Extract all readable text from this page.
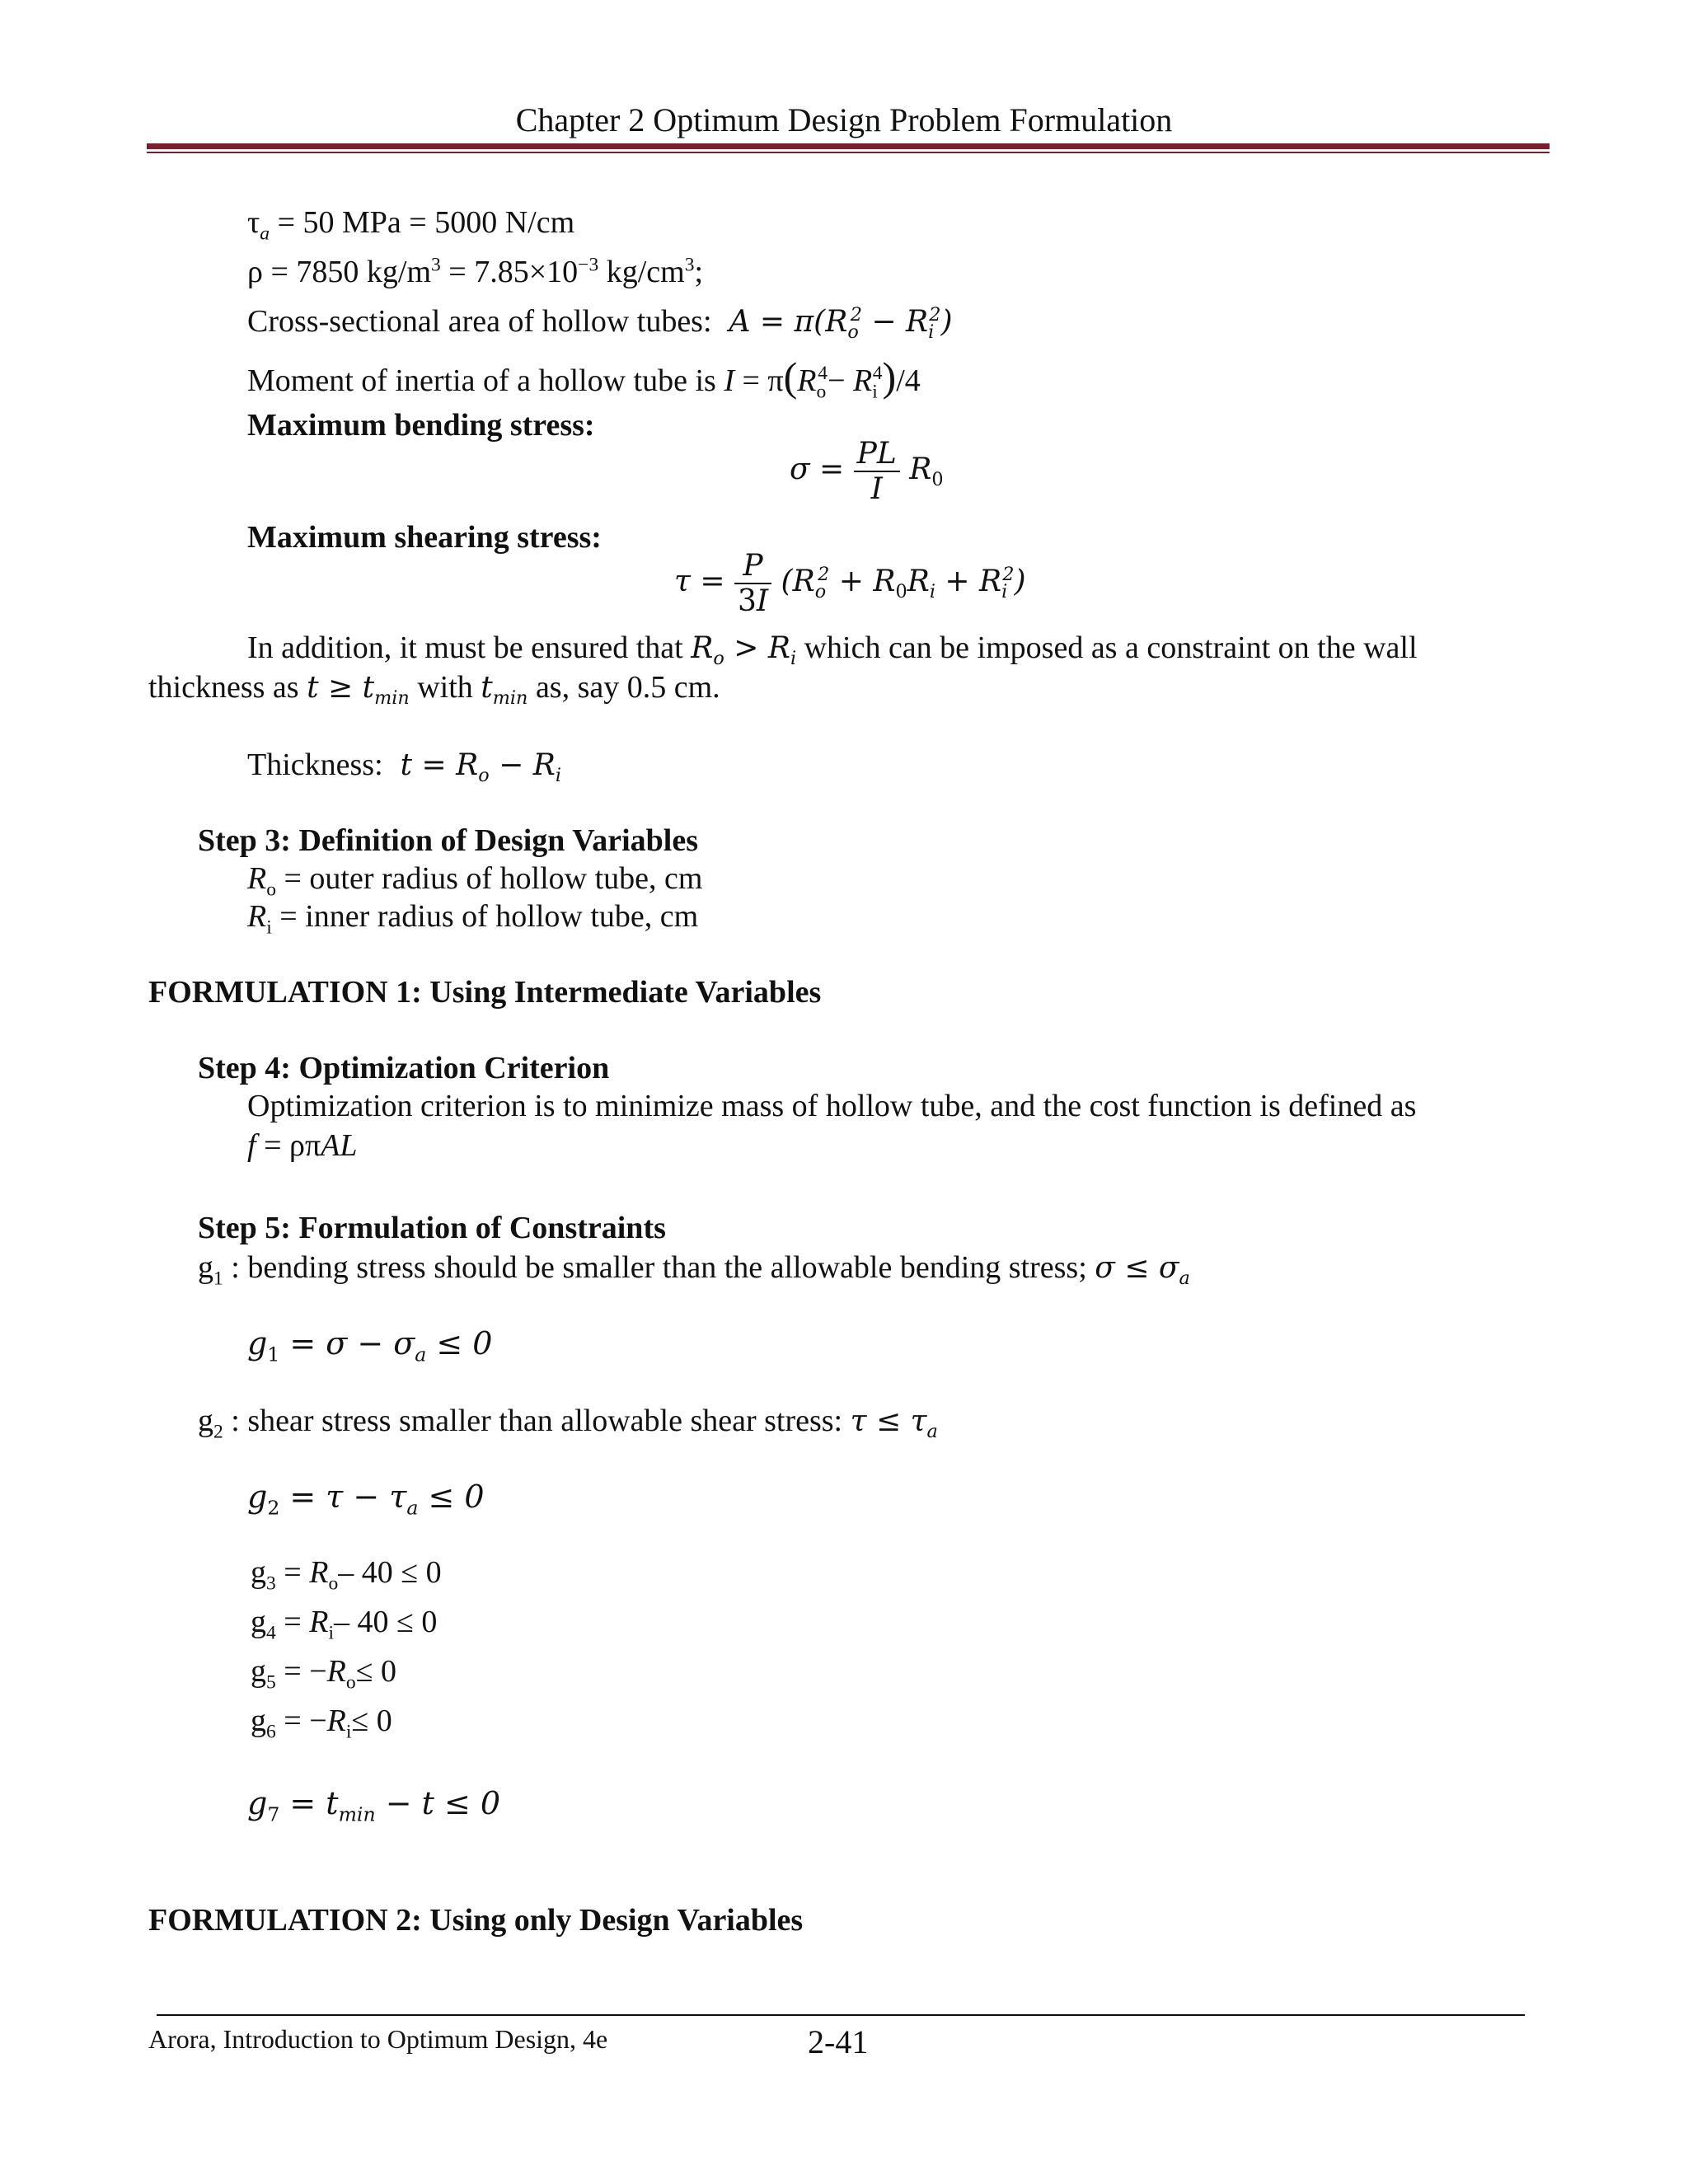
Chapter 2 Optimum Design Problem Formulation
$\tau_a = 50$ MPa = 5000 N/cm
ρ = 7850 $kg/m^3 = 7.85\times 10^{-3}$ $kg/cm^3$;
Cross-sectional area of hollow tubes:  $A = \pi(R_o^2 - R_i^2)$
Moment of inertia of a hollow tube is $I = \pi(R_o^4- R_i^4)/4$
Maximum bending stress:
$\sigma = \frac{PL}{I} R_0$
Maximum shearing stress:
$\tau = \frac{P}{3I} (R_o^2 + R_0R_i + R_i^2)$
In addition, it must be ensured that $R_o > R_i$ which can be imposed as a constraint on the wall
thickness as $t \ge t_{min}$ with $t_{min}$ as, say 0.5 cm.
Thickness:  $t = R_o - R_i$
Step 3: Definition of Design Variables
$R_o$ = outer radius of hollow tube, cm
$R_i$ = inner radius of hollow tube, cm
FORMULATION 1: Using Intermediate Variables
Step 4: Optimization Criterion
Optimization criterion is to minimize mass of hollow tube, and the cost function is defined as
f = ρπAL
Step 5: Formulation of Constraints
$g_1$ : bending stress should be smaller than the allowable bending stress; $\sigma \le \sigma_a$
$g_1 = \sigma - \sigma_a \le 0$
$g_2$ : shear stress smaller than allowable shear stress: $\tau \le \tau_a$
$g_2 = \tau - \tau_a \le 0$
$g_3 = R_o-$ 40 ≤ 0
$g_4 = R_i-$ 40 ≤ 0
$g_5 = -R_o\le 0$
$g_6 = -R_i\le 0$
$g_7 = t_{min} - t \le 0$
FORMULATION 2: Using only Design Variables
Arora, Introduction to Optimum Design, 4e	2-41
